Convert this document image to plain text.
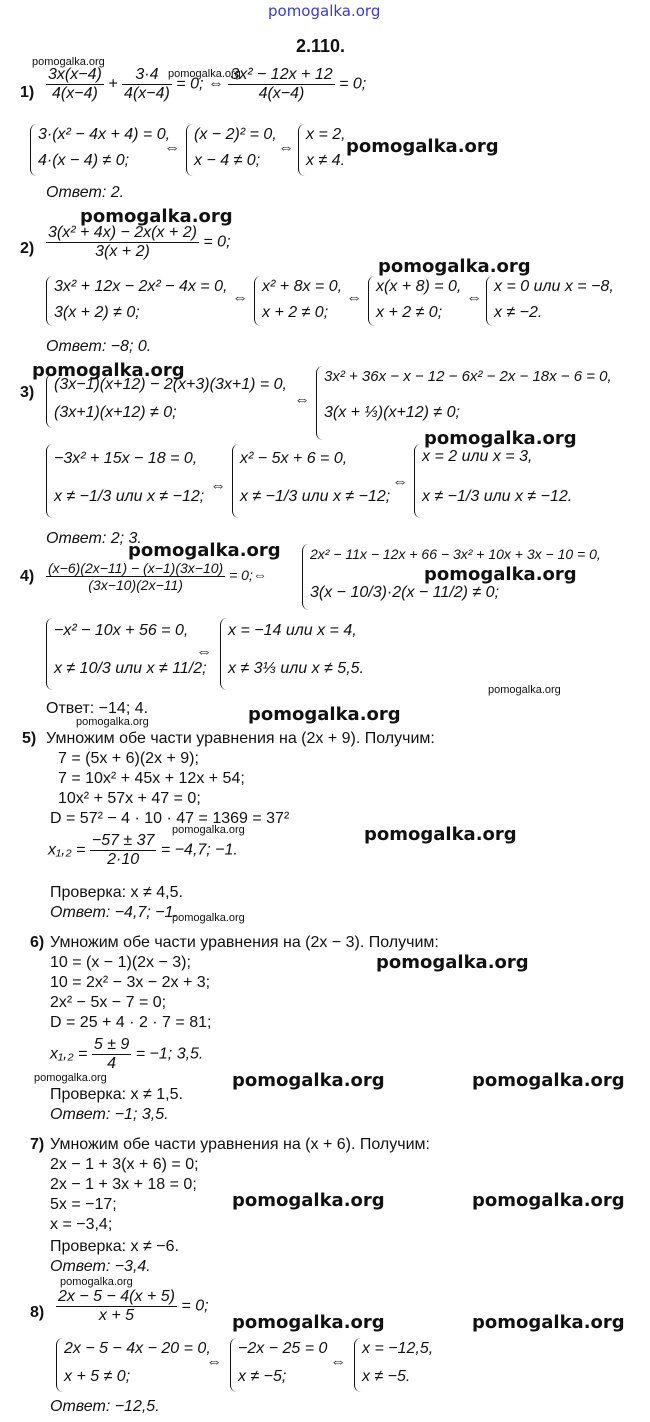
pomogalka.org
pomogalka.org
pomogalka.org
pomogalka.org
pomogalka.org
pomogalka.org
pomogalka.org
pomogalka.org
pomogalka.org
pomogalka.org
pomogalka.org
pomogalka.org
pomogalka.org
pomogalka.org	pomogalka.org
pomogalka.org
pomogalka.org
pomogalka.org	pomogalka.org	pomogalka.org
pomogalka.org	pomogalka.org
pomogalka.org
pomogalka.org	pomogalka.org
2.110.
$1) \frac{3x(x-4)}{4(x-4)} + \frac{3\cdot 4}{4(x-4)} = 0$; ⇔ $\frac{\text{3x² − 12x + 12}}{4(x-4)} = 0$;
3·(x² − 4x + 4) = 0,
4·(x − 4) ≠ 0;
⇔
(x − 2)² = 0,
x − 4 ≠ 0;
⇔
x = 2,
x ≠ 4.
Ответ: 2.
$2) \frac{\text{3(x² + 4x) − 2x(x + 2)}}{3(x + 2)} = 0$;
3x² + 12x − 2x² − 4x = 0,
3(x + 2) ≠ 0;
⇔
x² + 8x = 0,
x + 2 ≠ 0;
⇔
x(x + 8) = 0,
x + 2 ≠ 0;
⇔
x = 0 или x = −8,
x ≠ −2.
Ответ: −8; 0.
3) (3x−1)(x+12) − 2(x+3)(3x+1) = 0,
(3x+1)(x+12) ≠ 0;
⇔
3x² + 36x − x − 12 − 6x² − 2x − 18x − 6 = 0,
3(x + ⅓)(x+12) ≠ 0;
−3x² + 15x − 18 = 0,
x ≠ −1/3 или x ≠ −12;
⇔
x² − 5x + 6 = 0,
x ≠ −1/3 или x ≠ −12;
⇔
x = 2 или x = 3,
x ≠ −1/3 или x ≠ −12.
Ответ: 2; 3.
$4) \frac{(x-6)(2x-11) - (x-1)(3x-10)}{(3x-10)(2x-11)}$ = 0;⇔
2x² − 11x − 12x + 66 − 3x² + 10x + 3x − 10 = 0,
3(x − 10/3)·2(x − 11/2) ≠ 0;
−x² − 10x + 56 = 0,
x ≠ 10/3 или x ≠ 11/2;
⇔
x = −14 или x = 4,
x ≠ 3⅓ или x ≠ 5,5.
Ответ: −14; 4.
5) Умножим обе части уравнения на (2x + 9). Получим:
7 = (5x + 6)(2x + 9);
7 = 10x² + 45x + 12x + 54;
10x² + 57x + 47 = 0;
D = 57² − 4 · 10 · 47 = 1369 = 37²
$x_1,_2 = \frac{-57 \pm 37}{2\cdot 10} = -4,7$; −1.
Проверка: x ≠ 4,5.
Ответ: −4,7; −1.
6) Умножим обе части уравнения на (2x − 3). Получим:
10 = (x − 1)(2x − 3);
10 = 2x² − 3x − 2x + 3;
2x² − 5x − 7 = 0;
D = 25 + 4 · 2 · 7 = 81;
$x_1,_2 = \frac{5 \pm 9}{4} = -1$; 3,5.
Проверка: x ≠ 1,5.
Ответ: −1; 3,5.
7) Умножим обе части уравнения на (x + 6). Получим:
2x − 1 + 3(x + 6) = 0;
2x − 1 + 3x + 18 = 0;
5x = −17;
x = −3,4;
Проверка: x ≠ −6.
Ответ: −3,4.
$8) \frac{2x - 5 - 4(x + 5)}{x + 5} = 0$;
2x − 5 − 4x − 20 = 0,
x + 5 ≠ 0;
⇔
−2x − 25 = 0
x ≠ −5;
⇔
x = −12,5,
x ≠ −5.
Ответ: −12,5.
